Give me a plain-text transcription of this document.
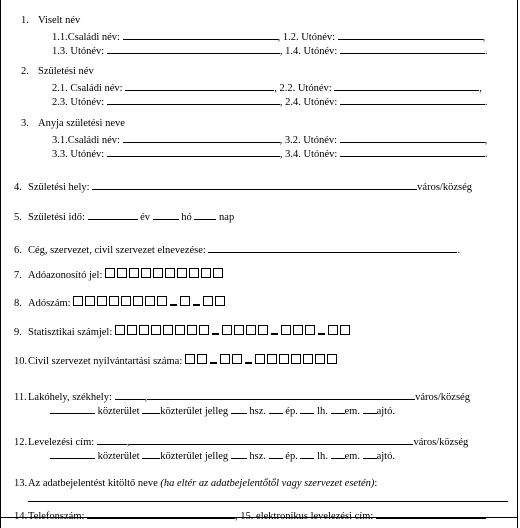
1. Viselt név
1.1.Családi név:	, 1.2. Utónév:	,
1.3. Utónév:	, 1.4. Utónév:	.
2. Születési név
2.1. Családi név:	, 2.2. Utónév:	,
2.3. Utónév:	, 2.4. Utónév:	.
3. Anyja születési neve
3.1.Családi név:	, 3.2. Utónév:	,
3.3. Utónév:	, 3.4. Utónév:	.
4. Születési hely:	város/község
5. Születési idő:	év	hó	nap
6. Cég, szervezet, civil szervezet elnevezése:	.
7. Adóazonosító jel:
8. Adószám:
9. Statisztikai számjel:
10.Civil szervezet nyilvántartási száma:
11.Lakóhely, székhely:	,	város/község
közterület közterület jelleg hsz. ép. lh. em. ajtó.
12.Levelezési cím:	,	város/község
közterület közterület jelleg hsz. ép. lh. em. ajtó.
13.Az adatbejelentést kitöltő neve (ha eltér az adatbejelentőtől vagy szervezet esetén):
14.Telefonszám:	, 15. elektronikus levelezési cím:
